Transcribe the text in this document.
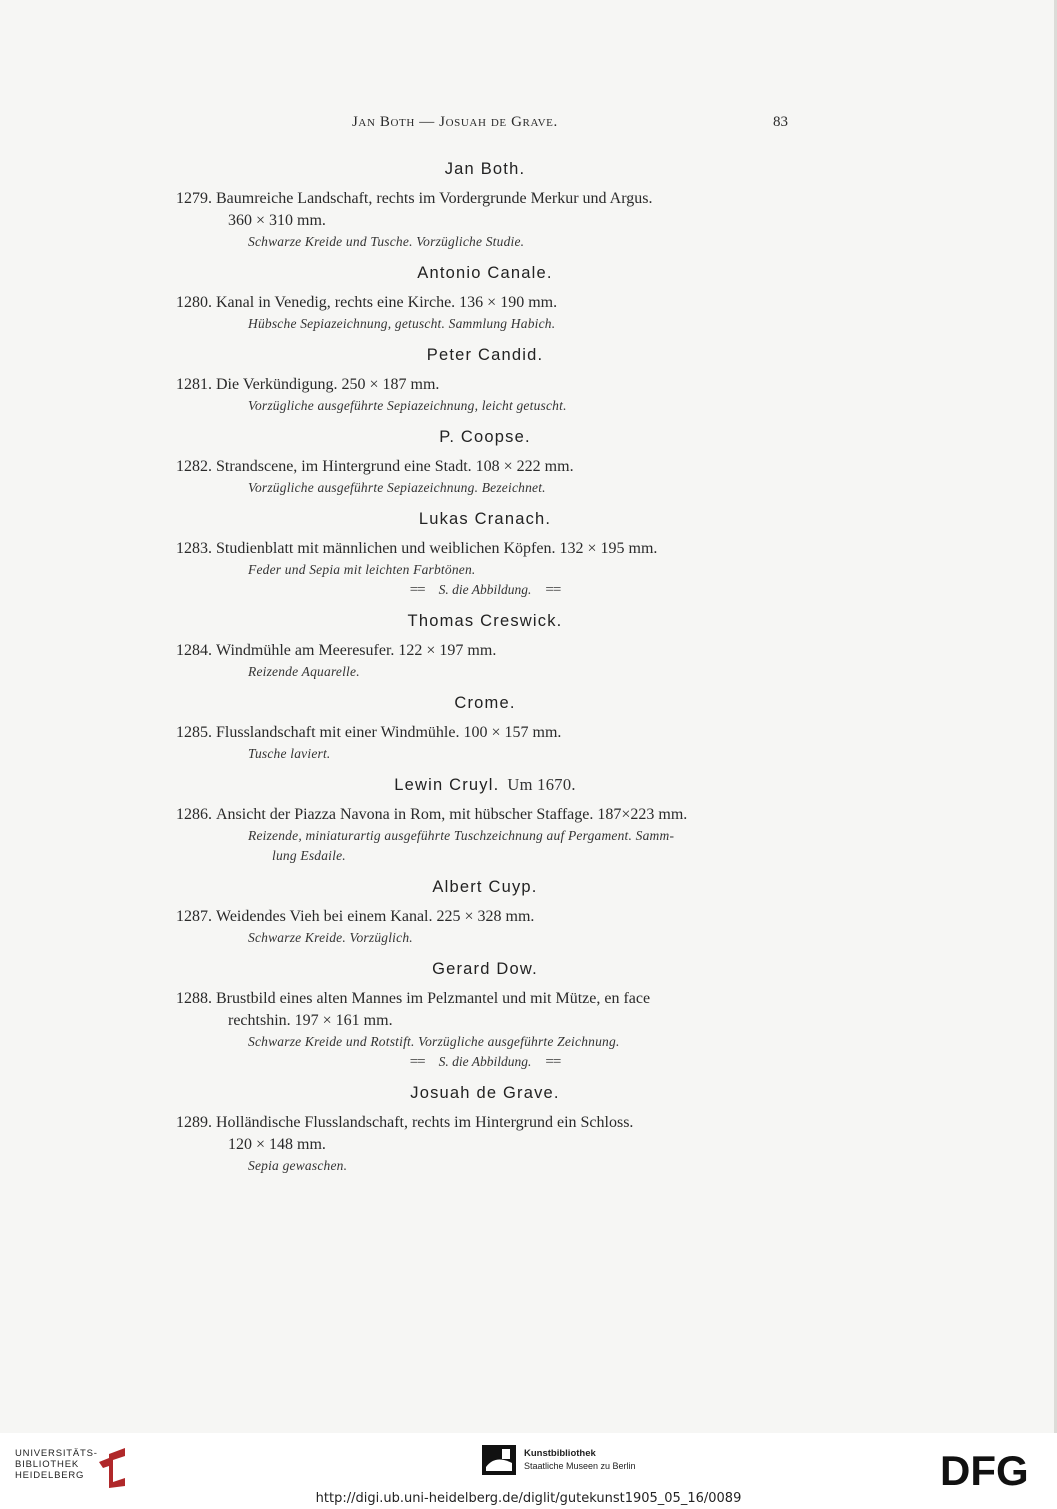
Jan Both — Josuah de Grave.	83
Jan Both.
1279. Baumreiche Landschaft, rechts im Vordergrunde Merkur und Argus.
360 × 310 mm.
Schwarze Kreide und Tusche. Vorzügliche Studie.
Antonio Canale.
1280. Kanal in Venedig, rechts eine Kirche. 136 × 190 mm.
Hübsche Sepiazeichnung, getuscht. Sammlung Habich.
Peter Candid.
1281. Die Verkündigung. 250 × 187 mm.
Vorzügliche ausgeführte Sepiazeichnung, leicht getuscht.
P. Coopse.
1282. Strandscene, im Hintergrund eine Stadt. 108 × 222 mm.
Vorzügliche ausgeführte Sepiazeichnung. Bezeichnet.
Lukas Cranach.
1283. Studienblatt mit männlichen und weiblichen Köpfen. 132 × 195 mm.
Feder und Sepia mit leichten Farbtönen.
== S. die Abbildung. ==
Thomas Creswick.
1284. Windmühle am Meeresufer. 122 × 197 mm.
Reizende Aquarelle.
Crome.
1285. Flusslandschaft mit einer Windmühle. 100 × 157 mm.
Tusche laviert.
Lewin Cruyl. Um 1670.
1286. Ansicht der Piazza Navona in Rom, mit hübscher Staffage. 187×223 mm.
Reizende, miniaturartig ausgeführte Tuschzeichnung auf Pergament. Samm-
lung Esdaile.
Albert Cuyp.
1287. Weidendes Vieh bei einem Kanal. 225 × 328 mm.
Schwarze Kreide. Vorzüglich.
Gerard Dow.
1288. Brustbild eines alten Mannes im Pelzmantel und mit Mütze, en face
rechtshin. 197 × 161 mm.
Schwarze Kreide und Rotstift. Vorzügliche ausgeführte Zeichnung.
== S. die Abbildung. ==
Josuah de Grave.
1289. Holländische Flusslandschaft, rechts im Hintergrund ein Schloss.
120 × 148 mm.
Sepia gewaschen.
UNIVERSITÄTS-
BIBLIOTHEK
HEIDELBERG
Kunstbibliothek
Staatliche Museen zu Berlin	DFG
http://digi.ub.uni-heidelberg.de/diglit/gutekunst1905_05_16/0089
